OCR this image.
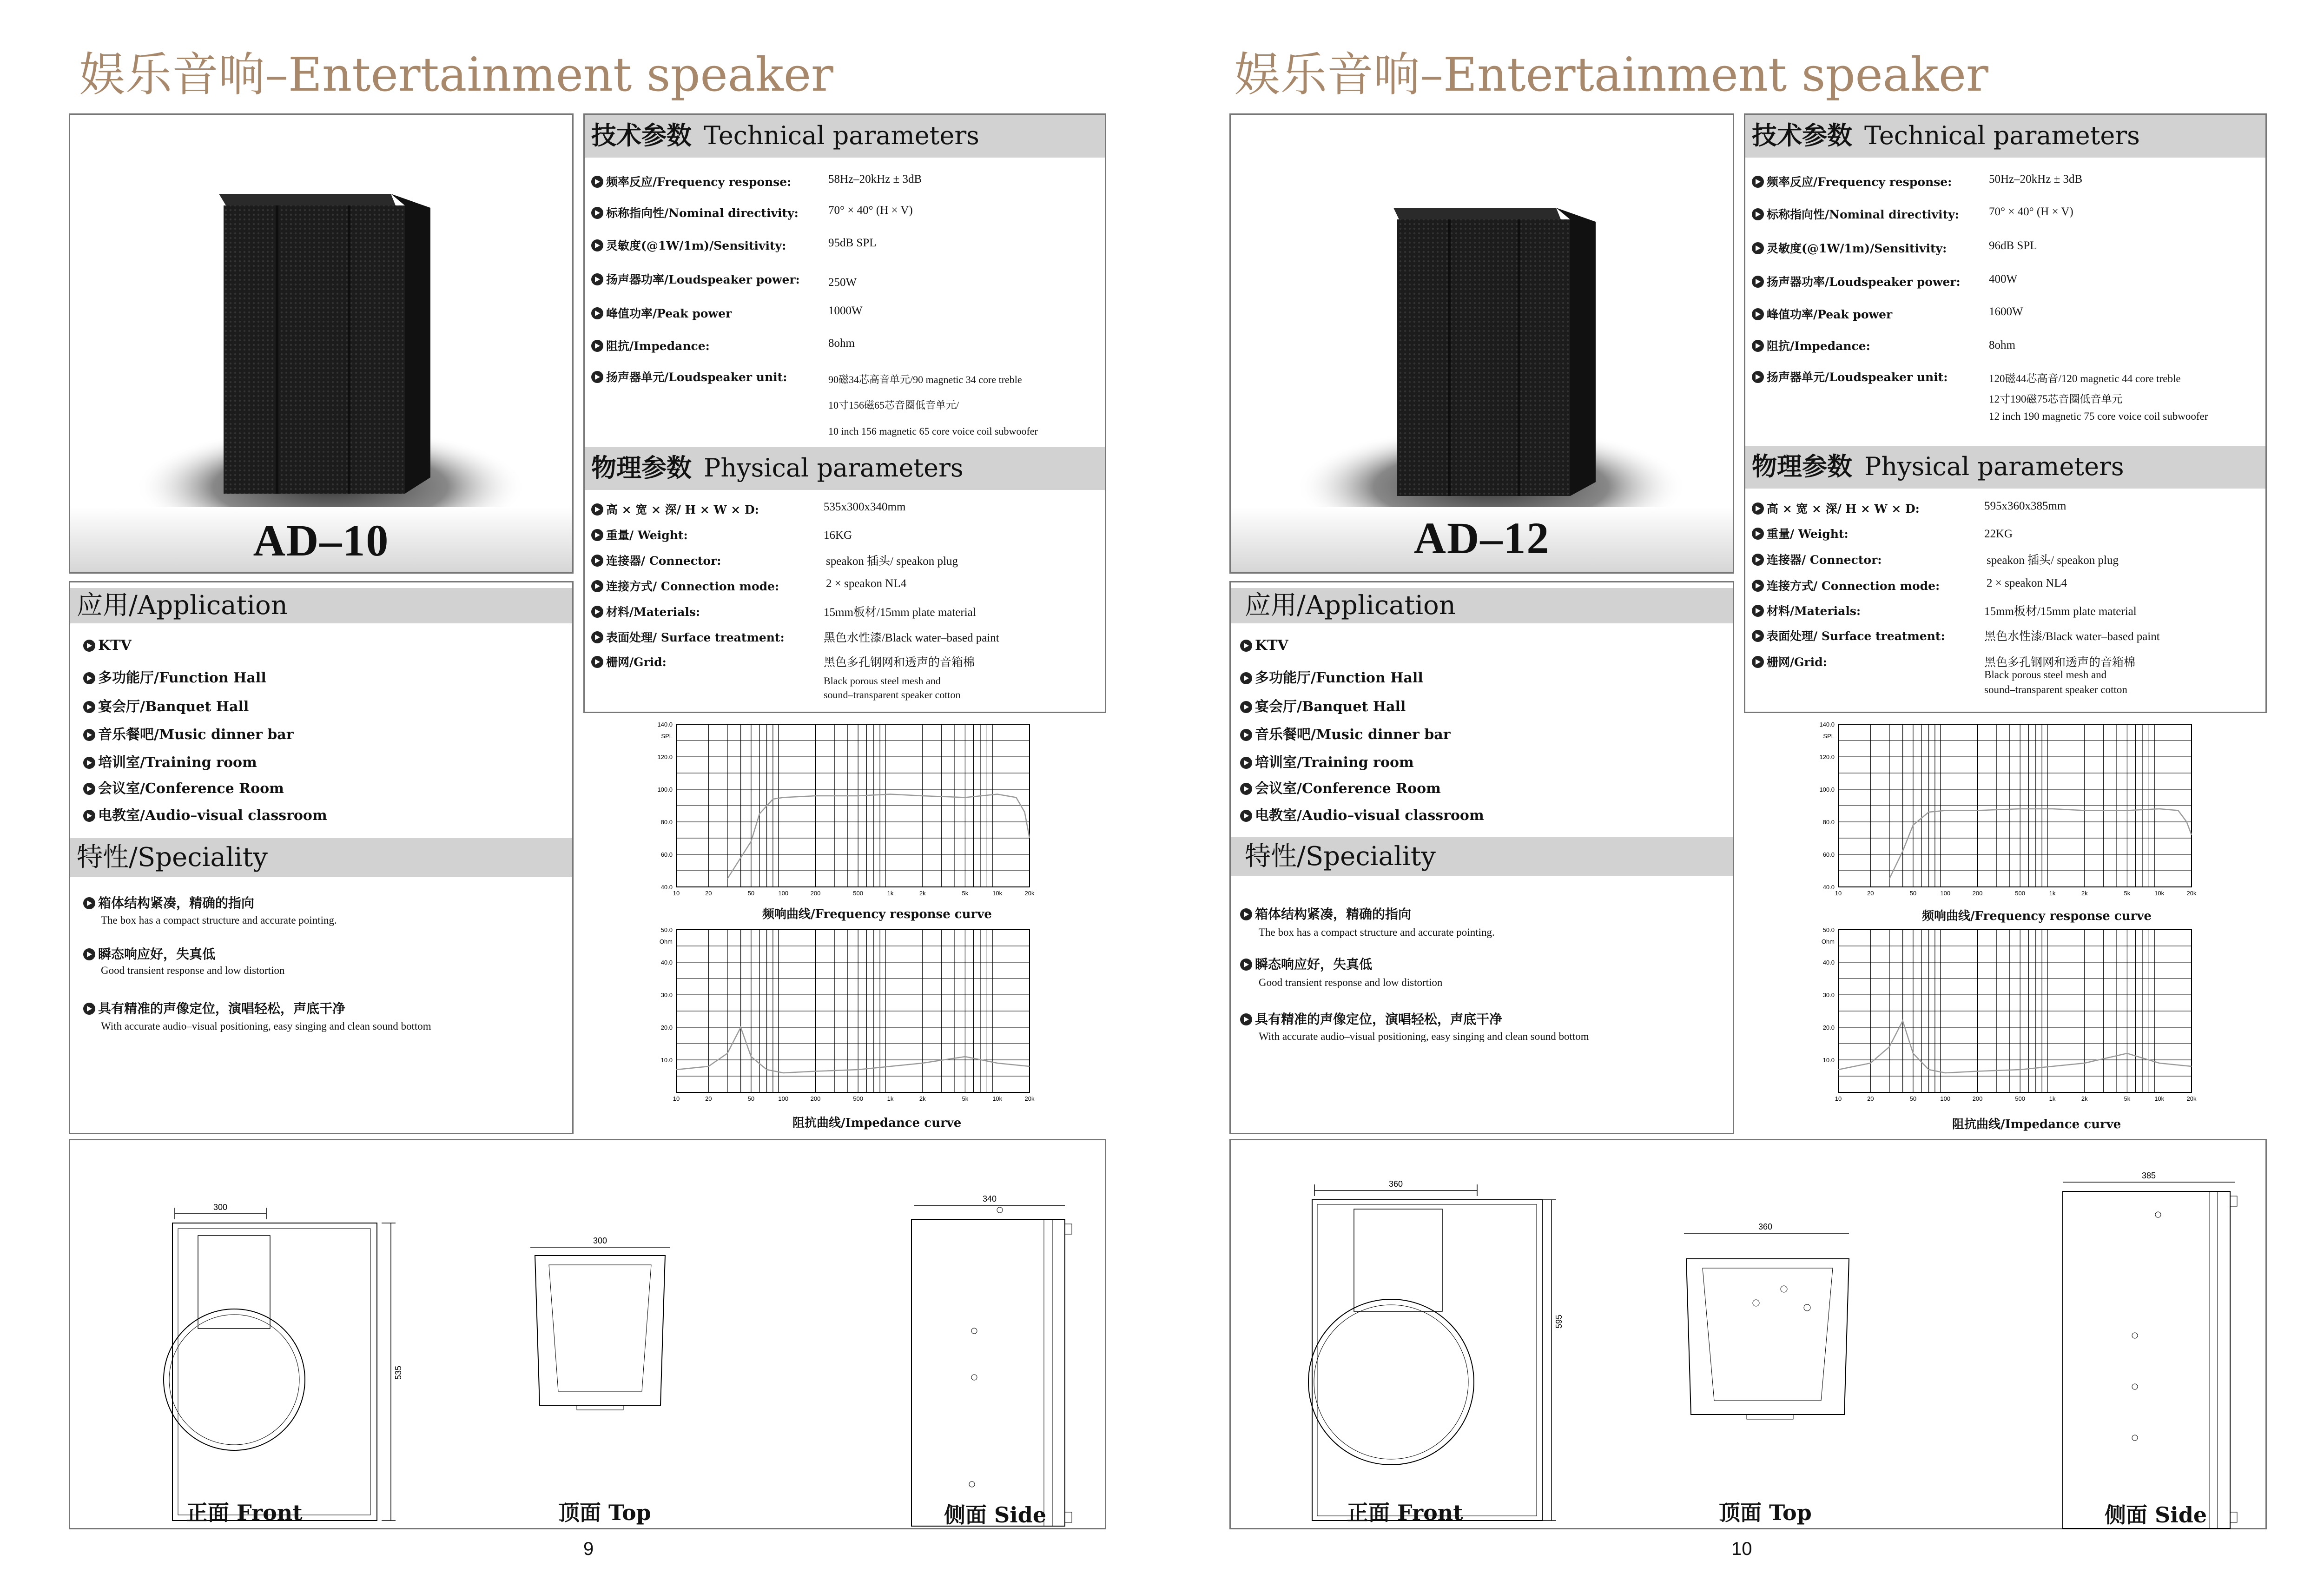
娱乐音响–Entertainment speaker
AD–10
技术参数 Technical parameters
频率反应/Frequency response:	58Hz–20kHz ± 3dB
标称指向性/Nominal directivity:	70° × 40° (H × V)
灵敏度(@1W/1m)/Sensitivity:	95dB SPL
扬声器功率/Loudspeaker power: 250W
峰值功率/Peak power	1000W
阻抗/Impedance:	8ohm
扬声器单元/Loudspeaker unit:	90磁34芯高音单元/90 magnetic 34 core treble
10寸156磁65芯音圈低音单元/
10 inch 156 magnetic 65 core voice coil subwoofer
物理参数 Physical parameters
高 × 宽 × 深/ H × W × D:	535x300x340mm
重量/ Weight:	16KG
连接器/ Connector:	speakon 插头/ speakon plug
连接方式/ Connection mode:	2 × speakon NL4
材料/Materials:	15mm板材/15mm plate material
表面处理/ Surface treatment:	黑色水性漆/Black water–based paint
栅网/Grid:	黑色多孔钢网和透声的音箱棉
Black porous steel mesh and
sound–transparent speaker cotton
应用/Application
KTV
多功能厅/Function Hall
宴会厅/Banquet Hall
音乐餐吧/Music dinner bar
培训室/Training room
会议室/Conference Room
电教室/Audio–visual classroom
特性/Speciality
箱体结构紧凑，精确的指向
The box has a compact structure and accurate pointing.
瞬态响应好，失真低
Good transient response and low distortion
具有精准的声像定位，演唱轻松，声底干净
With accurate audio–visual positioning, easy singing and clean sound bottom
140.0
120.0
100.0
80.0
60.0
40.0
SPL
10	20	50	100	200	500	1k	2k	5k	10k	20k
频响曲线/Frequency response curve
50.0
40.0
30.0
20.0
10.0
Ohm
10	20	50	100	200	500	1k	2k	5k	10k	20k
阻抗曲线/Impedance curve
300
535
300
340
正面 Front	顶面 Top	侧面 Side
9
娱乐音响–Entertainment speaker
AD–12
技术参数 Technical parameters
频率反应/Frequency response:	50Hz–20kHz ± 3dB
标称指向性/Nominal directivity:	70° × 40° (H × V)
灵敏度(@1W/1m)/Sensitivity:	96dB SPL
扬声器功率/Loudspeaker power: 400W
峰值功率/Peak power	1600W
阻抗/Impedance:	8ohm
扬声器单元/Loudspeaker unit:	120磁44芯高音/120 magnetic 44 core treble
12寸190磁75芯音圈低音单元
12 inch 190 magnetic 75 core voice coil subwoofer
物理参数 Physical parameters
高 × 宽 × 深/ H × W × D:	595x360x385mm
重量/ Weight:	22KG
连接器/ Connector:	speakon 插头/ speakon plug
连接方式/ Connection mode:	2 × speakon NL4
材料/Materials:	15mm板材/15mm plate material
表面处理/ Surface treatment:	黑色水性漆/Black water–based paint
栅网/Grid:	黑色多孔钢网和透声的音箱棉
Black porous steel mesh and
sound–transparent speaker cotton
应用/Application
KTV
多功能厅/Function Hall
宴会厅/Banquet Hall
音乐餐吧/Music dinner bar
培训室/Training room
会议室/Conference Room
电教室/Audio–visual classroom
特性/Speciality
箱体结构紧凑，精确的指向
The box has a compact structure and accurate pointing.
瞬态响应好，失真低
Good transient response and low distortion
具有精准的声像定位，演唱轻松，声底干净
With accurate audio–visual positioning, easy singing and clean sound bottom
140.0
120.0
100.0
80.0
60.0
40.0
SPL
10	20	50	100	200	500	1k	2k	5k	10k	20k
频响曲线/Frequency response curve
50.0
40.0
30.0
20.0
10.0
Ohm
10	20	50	100	200	500	1k	2k	5k	10k	20k
阻抗曲线/Impedance curve
360
595
360
385
正面 Front	顶面 Top	侧面 Side
10
